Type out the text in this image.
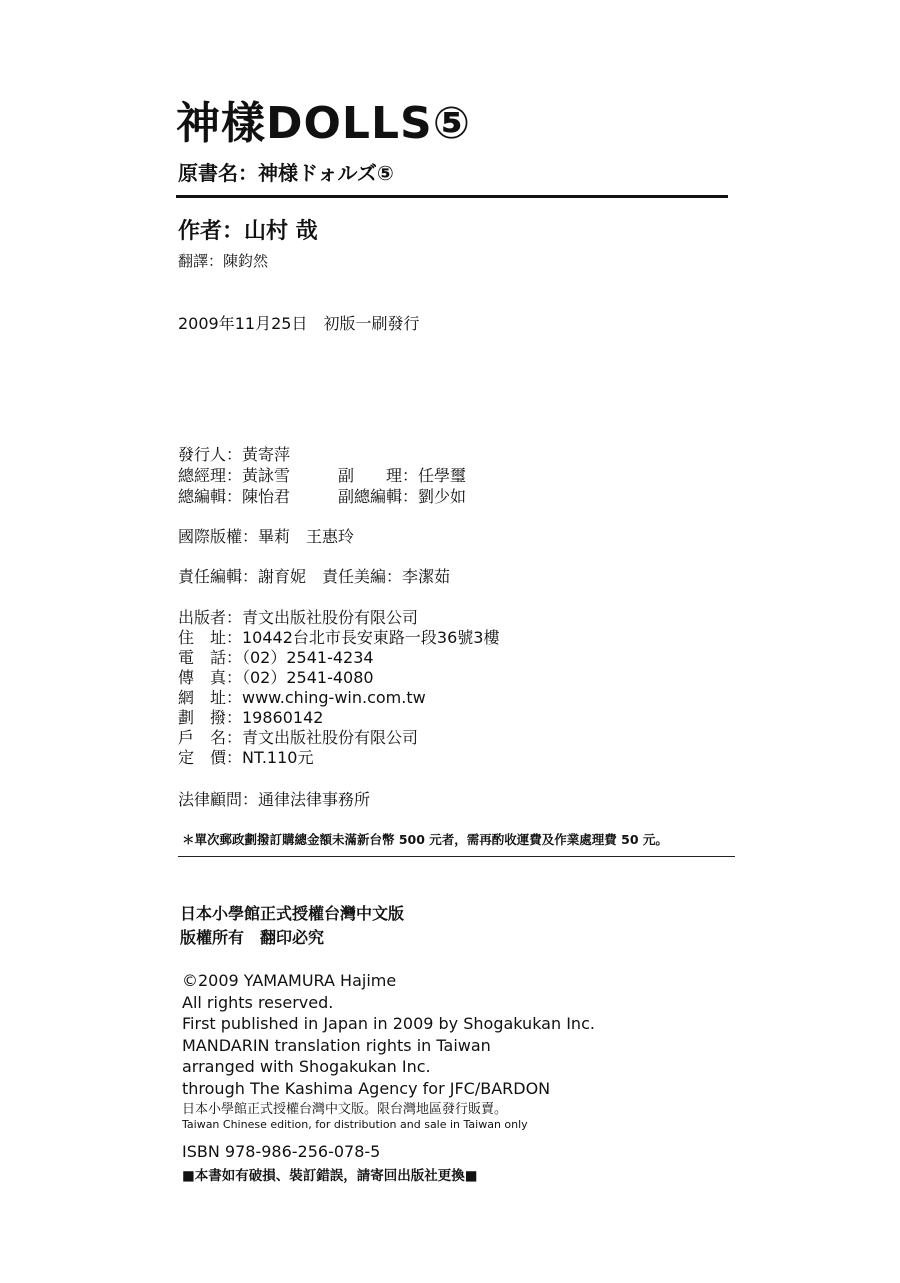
神樣DOLLS⑤
原書名：神様ドォルズ⑤
作者：山村 哉
翻譯：陳鈞然
2009年11月25日　初版一刷發行
發行人：黃寄萍
總經理：黃詠雪	副　　理：任學璽
總編輯：陳怡君	副總編輯：劉少如
國際版權：畢莉　王惠玲
責任編輯：謝育妮　責任美編：李潔茹
出版者：青文出版社股份有限公司
住　址：10442台北市長安東路一段36號3樓
電　話：（02）2541-4234
傳　真：（02）2541-4080
網　址：www.ching-win.com.tw
劃　撥：19860142
戶　名：青文出版社股份有限公司
定　價：NT.110元
法律顧問：通律法律事務所
＊單次郵政劃撥訂購總金額未滿新台幣 500 元者，需再酌收運費及作業處理費 50 元。
日本小學館正式授權台灣中文版
版權所有　翻印必究
©2009 YAMAMURA Hajime
All rights reserved.
First published in Japan in 2009 by Shogakukan Inc.
MANDARIN translation rights in Taiwan
arranged with Shogakukan Inc.
through The Kashima Agency for JFC/BARDON
日本小學館正式授權台灣中文版。限台灣地區發行販賣。
Taiwan Chinese edition, for distribution and sale in Taiwan only
ISBN 978-986-256-078-5
■本書如有破損、裝訂錯誤，請寄回出版社更換■
